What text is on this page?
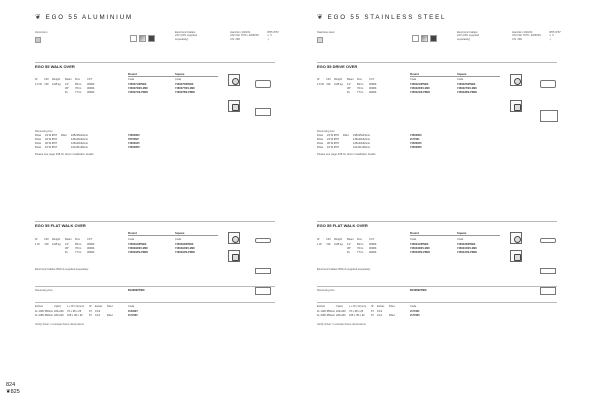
❦ EGO 55 ALUMINIUM
Aluminium	Electronic ballast
24V (60V supplied
separately)
Hamilton 4/20/24
UNI CEI 7070 • EN6035
CN • BD
IP65 IP67
⚠ ∇
⏚
EGO 55 WALK OVER
Round	Square
W	CRI Weight Beam Flux	CCT	Code	Code
1,5 W >90 0,28 kg 14° 83 lm 3000K	74600710PM90	74600750PM90
30° 76 lm 3000K	74600730FLM90	74600770FLM90
FL	77 lm 3000K	74600740LPM90	74600780LPM90
Recessing box
Drive 24 W IP67 DALI 195x35x43mm	74600800
Drive 24 W IP67	146x46x32mm	78700M7
Drive 30 W IP67	125x43x32mm	74600845
Drive 16 W IP67	121x51x38mm	74600856
Please see page 948 for driver installation details
EGO 55 FLAT WALK OVER
Round	Square
W	CRI Weight Beam Flux	CCT	Code	Code
1 W >90 0,28 kg 14° 83 lm 3000K	74600910PM90	74600930PM90
30° 76 lm 3000K	74600920FLM90	74600940FLM90
FL	77 lm 3000K	74600925LPM90	74600945LPM90
Electronic ballast 350mA supplied separately
Recessing box	RL000027000
Extrusi	V(act) L x W x H(mm) IP Extrac DALI	Code
1L 14W 350mA 220-240 76 x 38 x 25	67 0.19	ZHO997
1L 23W 350mA 220-240 165 x 35 x 32 67 0.12	DALI	ZHY080
Verify driver / renovate frame dimensions
824
❦825
❦ EGO 55 STAINLESS STEEL
Stainless steel	Electronic ballast
24V (60V supplied
separately)
Hamilton 4/20/24
UNI CEI 7070 • EN6035
CN • BD
IP65 IP67
⚠ ∇
⏚
EGO 55 DRIVE OVER
Round	Square
W	CRI Weight Beam Flux	CCT	Code	Code
1,5 W >90 0,28 kg 14° 83 lm 3000K	74602210PM90	74602250PM90
30° 76 lm 3000K	74602230FLM90	74602270FLM90
FL	77 lm 3000K	74602240LPM90	74602280LPM90
Recessing box
Drive 24 W IP67 DALI 195x35x43mm	74600800
Drive 24 W IP67	146x46x32mm	ZHY081
Drive 30 W IP67	125x43x32mm	74600845
Drive 16 W IP67	121x51x38mm	74600856
Please see page 948 for driver installation details
EGO 55 FLAT WALK OVER
Round	Square
W	CRI Weight Beam Flux	CCT	Code	Code
1 W >90 0,28 kg 14° 83 lm 3000K	74602310PM90	74602330PM90
30° 76 lm 3000K	74602320FLM90	74602340FLM90
FL	77 lm 3000K	74602325LPM90	74602345LPM90
Electronic ballast 350mA supplied separately
Recessing box	RL000027000
Extrusi	V(act) L x W x H(mm) IP Extrac DALI	Code
1L 14W 350mA 220-240 76 x 38 x 25	67 0.19	ZHY081
1L 23W 350mA 220-240 165 x 35 x 32 67 0.12	DALI	ZHY080
Verify driver / renovate frame dimensions
